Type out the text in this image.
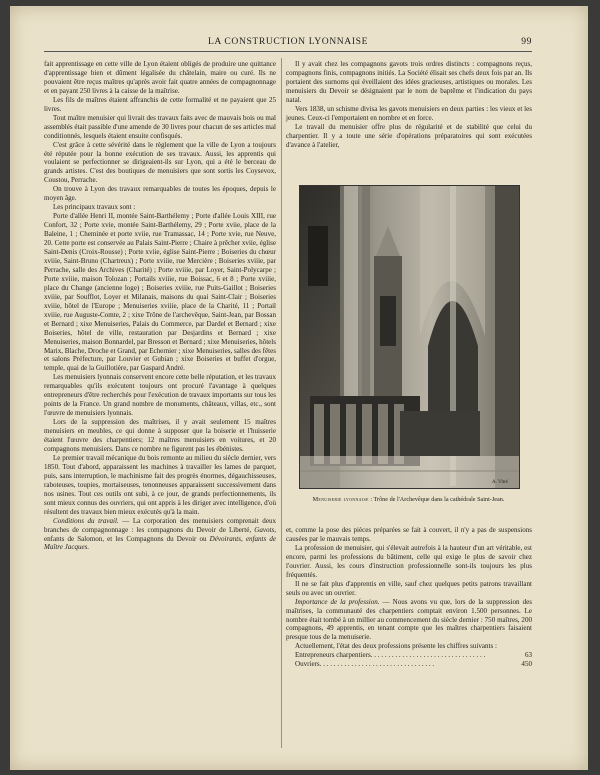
LA CONSTRUCTION LYONNAISE	99

fait apprentissage en cette ville de Lyon étaient obligés de produire une quittance d'apprentissage bien et dûment légalisée du châtelain, maire ou curé. Ils ne pouvaient être reçus maîtres qu'après avoir fait quatre années de compagnonnage et en payant 250 livres à la caisse de la maîtrise.

Les fils de maîtres étaient affranchis de cette formalité et ne payaient que 25 livres.

Tout maître menuisier qui livrait des travaux faits avec de mauvais bois ou mal assemblés était passible d'une amende de 30 livres pour chacun de ses articles mal conditionnés, lesquels étaient ensuite confisqués.

C'est grâce à cette sévérité dans le règlement que la ville de Lyon a toujours été réputée pour la bonne exécution de ses travaux. Aussi, les apprentis qui voulaient se perfectionner se dirigeaient-ils sur Lyon, qui a été le berceau de grands artistes. C'est des boutiques de menuisiers que sont sortis les Coysevox, Coustou, Perrache.

On trouve à Lyon des travaux remarquables de toutes les époques, depuis le moyen âge.

Les principaux travaux sont :

Porte d'allée Henri II, montée Saint-Barthélemy ; Porte d'allée Louis XIII, rue Confort, 32 ; Porte xvie, montée Saint-Barthélemy, 29 ; Porte xviie, place de la Baleine, 1 ; Cheminée et porte xviie, rue Tramassac, 14 ; Porte xvie, rue Neuve, 20. Cette porte est conservée au Palais Saint-Pierre ; Chaire à prêcher xviie, église Saint-Denis (Croix-Rousse) ; Porte xviie, église Saint-Pierre ; Boiseries du chœur xviiie, Saint-Bruno (Chartreux) ; Porte xviiie, rue Mercière ; Boiseries xviiie, par Perrache, salle des Archives (Charité) ; Porte xviiie, par Loyer, Saint-Polycarpe ; Porte xviiie, maison Tolozan ; Portails xviiie, rue Boissac, 6 et 8 ; Porte xviiie, place du Change (ancienne loge) ; Boiseries xviiie, rue Puits-Gaillot ; Boiseries xviiie, par Soufflot, Loyer et Milanais, maisons du quai Saint-Clair ; Boiseries xviiie, hôtel de l'Europe ; Menuiseries xviiie, place de la Charité, 11 ; Portail xviiie, rue Auguste-Comte, 2 ; xixe Trône de l'archevêque, Saint-Jean, par Bossan et Bernard ; xixe Menuiseries, Palais du Commerce, par Dardel et Bernard ; xixe Boiseries, hôtel de ville, restauration par Desjardins et Bernard ; xixe Menuiseries, maison Bonnardel, par Bresson et Bernard ; xixe Menuiseries, hôtels Marix, Blache, Droche et Grand, par Echernier ; xixe Menuiseries, salles des fêtes et salons Préfecture, par Louvier et Gubian ; xixe Boiseries et buffet d'orgue, temple, quai de la Guillotière, par Gaspard André.

Les menuisiers lyonnais conservent encore cette belle réputation, et les travaux remarquables qu'ils exécutent toujours ont procuré l'avantage à quelques entrepreneurs d'être recherchés pour l'exécution de travaux importants sur tous les points de la France. Un grand nombre de monuments, châteaux, villas, etc., sont l'œuvre de menuisiers lyonnais.

Lors de la suppression des maîtrises, il y avait seulement 15 maîtres menuisiers en meubles, ce qui donne à supposer que la boiserie et l'huisserie étaient l'œuvre des charpentiers; 12 maîtres menuisiers en voitures, et 20 compagnons menuisiers. Dans ce nombre ne figurent pas les ébénistes.

Le premier travail mécanique du bois remonte au milieu du siècle dernier, vers 1850. Tout d'abord, apparaissent les machines à travailler les lames de parquet, puis, sans interruption, le machinisme fait des progrès énormes, dégauchisseuses, raboteuses, toupies, mortaiseuses, tenonneuses apparaissent successivement dans nos usines. Tout ces outils ont subi, à ce jour, de grands perfectionnements, ils sont mieux connus des ouvriers, qui ont appris à les diriger avec intelligence, d'où résultent des travaux bien mieux exécutés qu'à la main.

Conditions du travail. — La corporation des menuisiers comprenait deux branches de compagnonnage : les compagnons du Devoir de Liberté, Gavots, enfants de Salomon, et les Compagnons du Devoir ou Dévoirants, enfants de Maître Jacques.

Il y avait chez les compagnons gavots trois ordres distincts : compagnons reçus, compagnons finis, compagnons initiés. La Société élisait ses chefs deux fois par an. Ils portaient des surnoms qui éveillaient des idées gracieuses, artistiques ou morales. Les menuisiers du Devoir se désignaient par le nom de baptême et l'indication du pays natal.

Vers 1838, un schisme divisa les gavots menuisiers en deux parties : les vieux et les jeunes. Ceux-ci l'emportaient en nombre et en force.

Le travail du menuisier offre plus de régularité et de stabilité que celui du charpentier. Il y a toute une série d'opérations préparatoires qui sont exécutées d'avance à l'atelier,

A. Vitré
Menuiserie lyonnaise : Trône de l'Archevêque dans la cathédrale Saint-Jean.

et, comme la pose des pièces préparées se fait à couvert, il n'y a pas de suspensions causées par le mauvais temps.

La profession de menuisier, qui s'élevait autrefois à la hauteur d'un art véritable, est encore, parmi les professions du bâtiment, celle qui exige le plus de savoir chez l'ouvrier. Aussi, les cours d'instruction professionnelle sont-ils toujours les plus fréquentés.

Il ne se fait plus d'apprentis en ville, sauf chez quelques petits patrons travaillant seuls ou avec un ouvrier.

Importance de la profession. — Nous avons vu que, lors de la suppression des maîtrises, la communauté des charpentiers comptait environ 1.500 personnes. Le nombre était tombé à un millier au commencement du siècle dernier : 750 maîtres, 200 compagnons, 49 apprentis, en tenant compte que les maîtres charpentiers faisaient presque tous de la menuiserie.

Actuellement, l'état des deux professions présente les chiffres suivants :

Entrepreneurs charpentiers . . .	63
Ouvriers . . .	450
